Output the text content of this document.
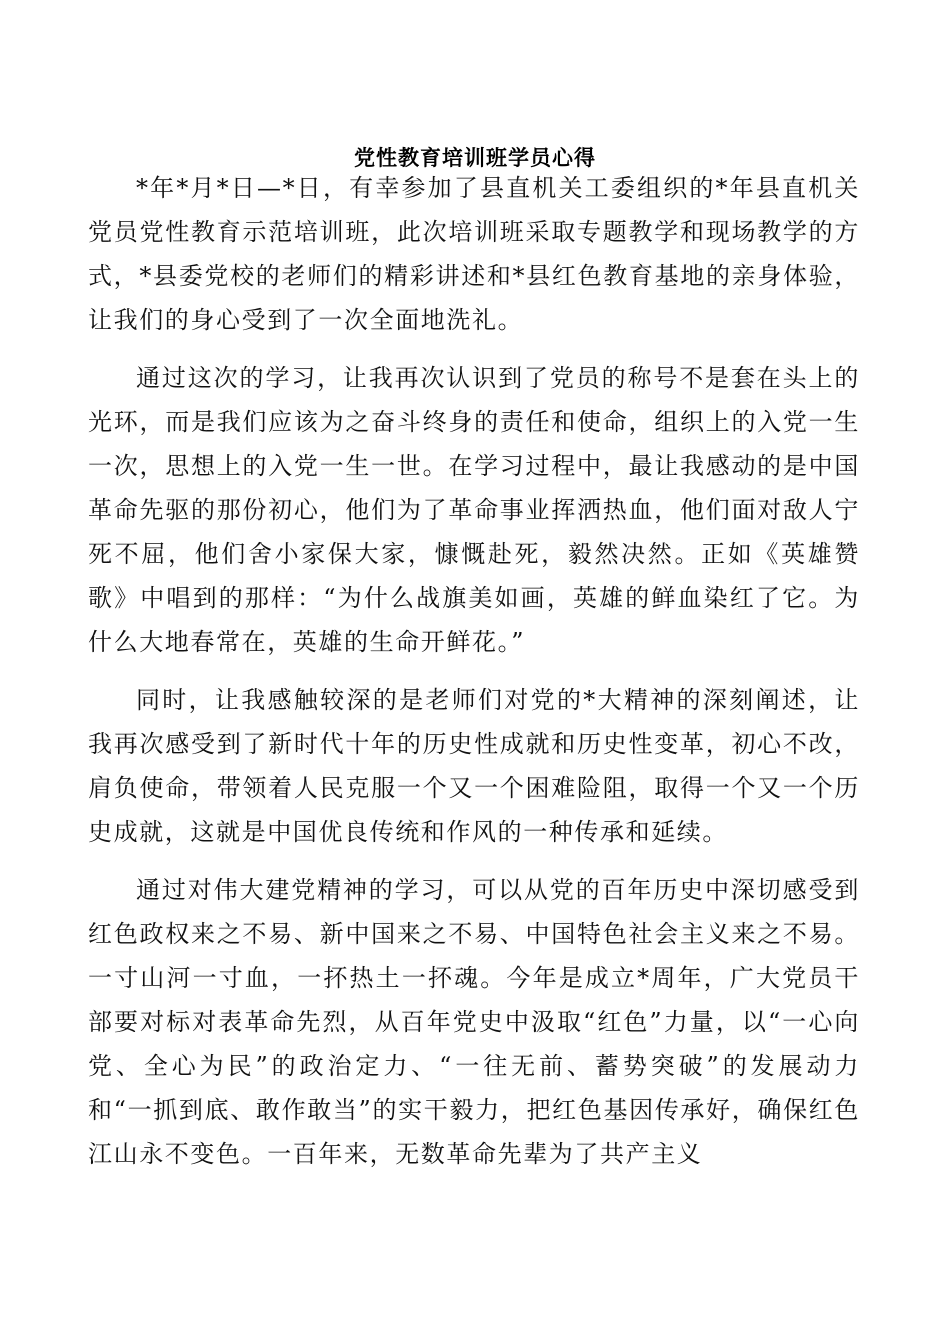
党性教育培训班学员心得

*年*月*日—*日，有幸参加了县直机关工委组织的*年县直机关党员党性教育示范培训班，此次培训班采取专题教学和现场教学的方式，*县委党校的老师们的精彩讲述和*县红色教育基地的亲身体验，让我们的身心受到了一次全面地洗礼。

通过这次的学习，让我再次认识到了党员的称号不是套在头上的光环，而是我们应该为之奋斗终身的责任和使命，组织上的入党一生一次，思想上的入党一生一世。在学习过程中，最让我感动的是中国革命先驱的那份初心，他们为了革命事业挥洒热血，他们面对敌人宁死不屈，他们舍小家保大家，慷慨赴死，毅然决然。正如《英雄赞歌》中唱到的那样：“为什么战旗美如画，英雄的鲜血染红了它。为什么大地春常在，英雄的生命开鲜花。”

同时，让我感触较深的是老师们对党的*大精神的深刻阐述，让我再次感受到了新时代十年的历史性成就和历史性变革，初心不改，肩负使命，带领着人民克服一个又一个困难险阻，取得一个又一个历史成就，这就是中国优良传统和作风的一种传承和延续。

通过对伟大建党精神的学习，可以从党的百年历史中深切感受到红色政权来之不易、新中国来之不易、中国特色社会主义来之不易。一寸山河一寸血，一抔热土一抔魂。今年是成立*周年，广大党员干部要对标对表革命先烈，从百年党史中汲取“红色”力量，以“一心向党、全心为民”的政治定力、“一往无前、蓄势突破”的发展动力和“一抓到底、敢作敢当”的实干毅力，把红色基因传承好，确保红色江山永不变色。一百年来，无数革命先辈为了共产主义
